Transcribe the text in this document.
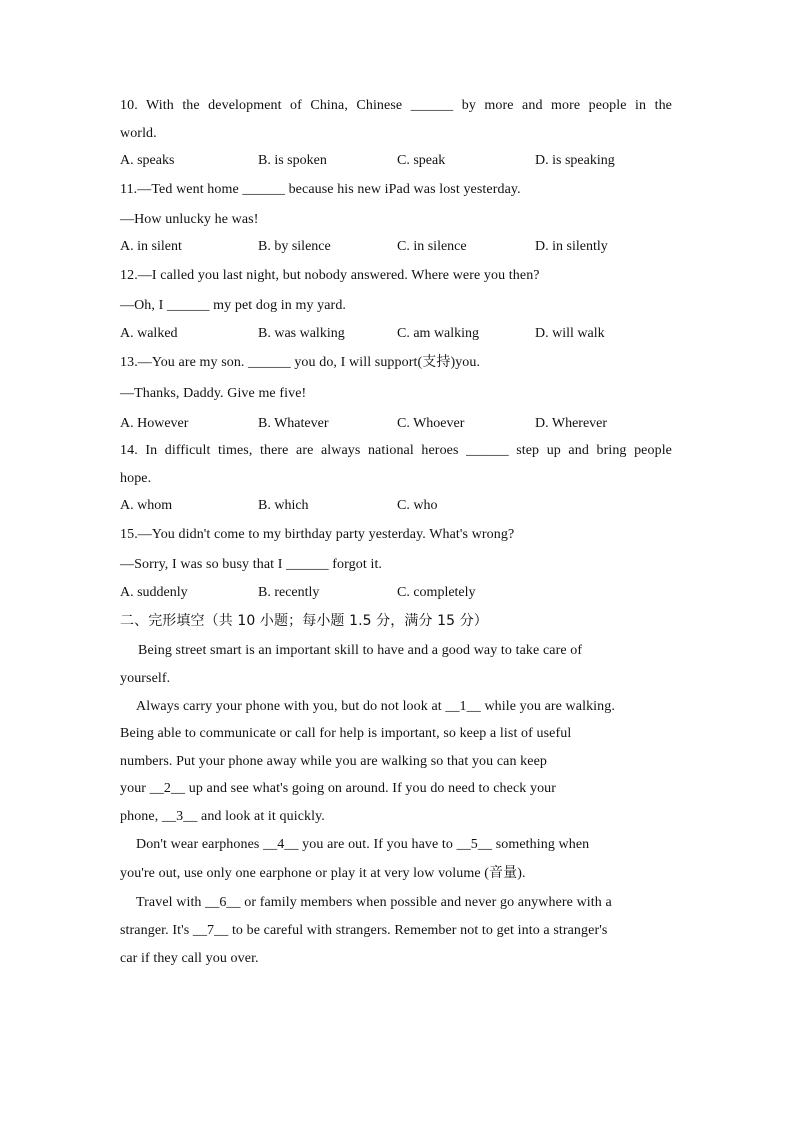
10. With the development of China, Chinese ______ by more and more people in the
world.
A. speaks	B. is spoken	C. speak	D. is speaking
11.—Ted went home ______ because his new iPad was lost yesterday.
—How unlucky he was!
A. in silent	B. by silence	C. in silence	D. in silently
12.—I called you last night, but nobody answered. Where were you then?
—Oh, I ______ my pet dog in my yard.
A. walked	B. was walking	C. am walking	D. will walk
13.—You are my son. ______ you do, I will support(支持)you.
—Thanks, Daddy. Give me five!
A. However	B. Whatever	C. Whoever	D. Wherever
14. In difficult times, there are always national heroes ______ step up and bring people
hope.
A. whom	B. which	C. who
15.—You didn't come to my birthday party yesterday. What's wrong?
—Sorry, I was so busy that I ______ forgot it.
A. suddenly	B. recently	C. completely
二、完形填空（共 10 小题；每小题 1.5 分，满分 15 分）
Being street smart is an important skill to have and a good way to take care of
yourself.
Always carry your phone with you, but do not look at __1__ while you are walking.
Being able to communicate or call for help is important, so keep a list of useful
numbers. Put your phone away while you are walking so that you can keep
your __2__ up and see what's going on around. If you do need to check your
phone, __3__ and look at it quickly.
Don't wear earphones __4__ you are out. If you have to __5__ something when
you're out, use only one earphone or play it at very low volume (音量).
Travel with __6__ or family members when possible and never go anywhere with a
stranger. It's __7__ to be careful with strangers. Remember not to get into a stranger's
car if they call you over.
